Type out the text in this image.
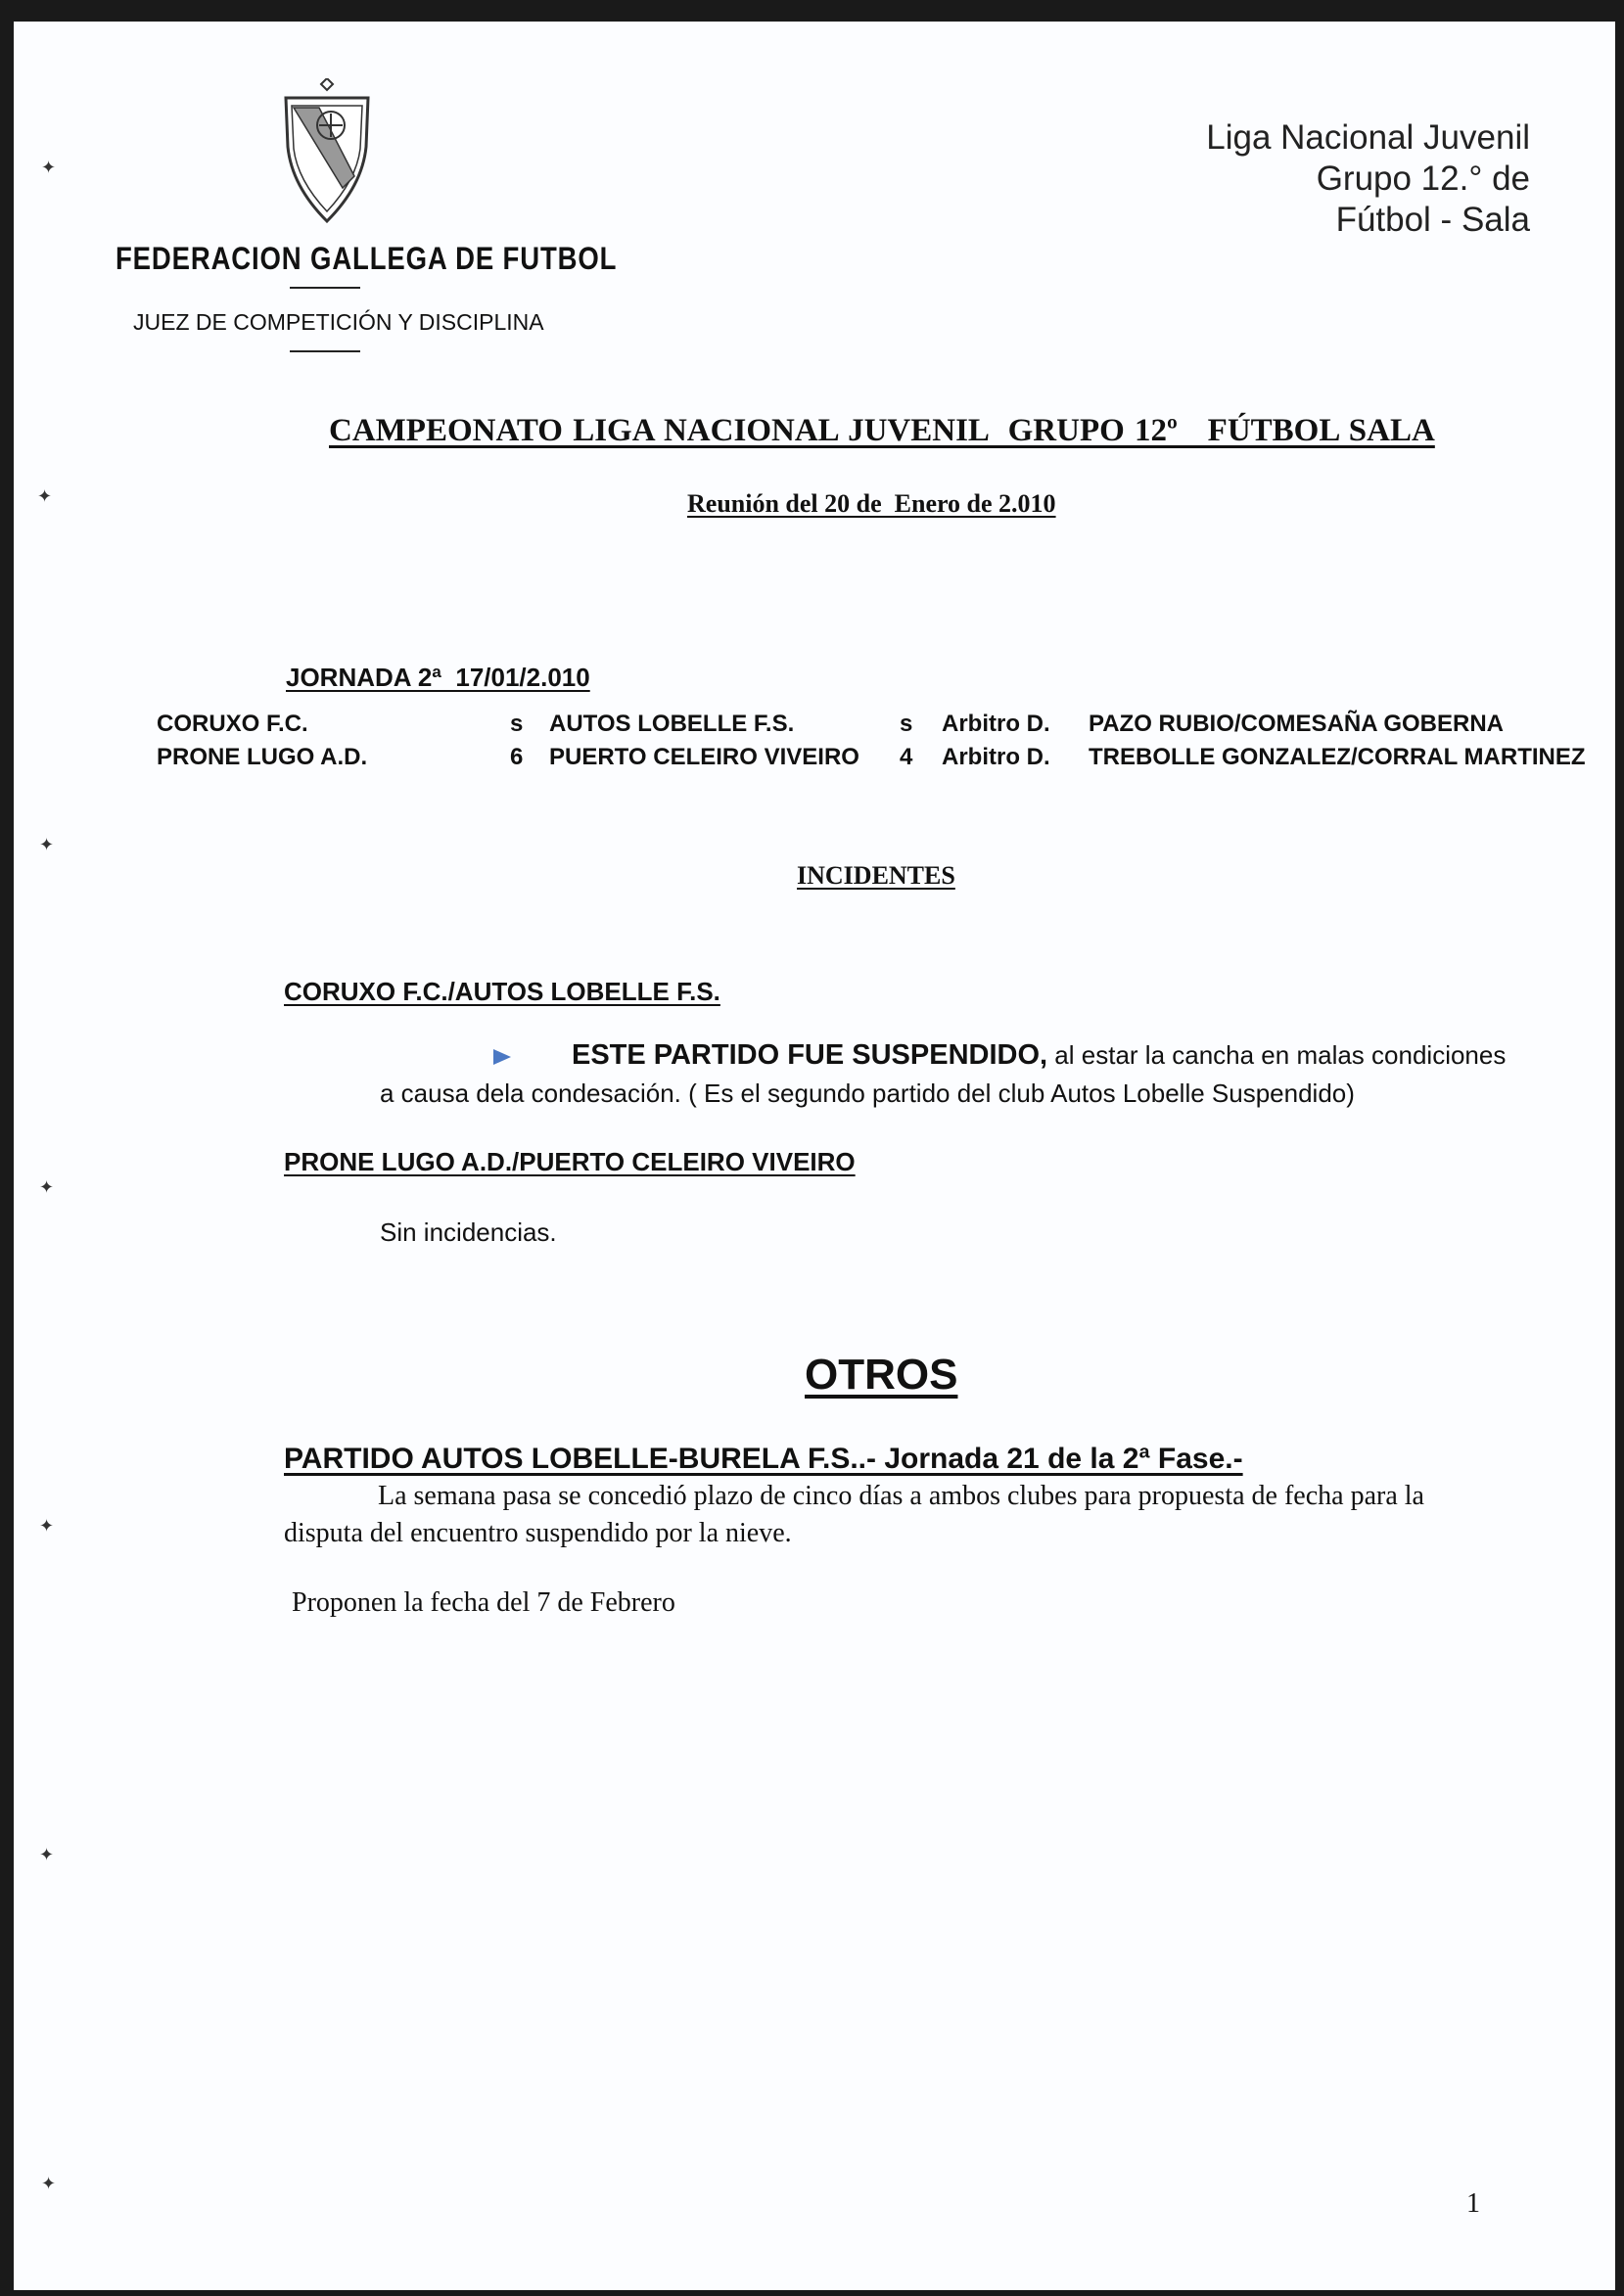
✦
✦
✦
✦
✦
✦
✦
FEDERACION GALLEGA DE FUTBOL
JUEZ DE COMPETICIÓN Y DISCIPLINA
Liga Nacional Juvenil
Grupo 12.° de
Fútbol - Sala
CAMPEONATO LIGA NACIONAL JUVENIL  GRUPO 12º   FÚTBOL SALA
Reunión del 20 de  Enero de 2.010
JORNADA 2ª  17/01/2.010
CORUXO F.C.	s AUTOS LOBELLE F.S.	s Arbitro D. PAZO RUBIO/COMESAÑA GOBERNA
PRONE LUGO A.D.	6 PUERTO CELEIRO VIVEIRO 4 Arbitro D. TREBOLLE GONZALEZ/CORRAL MARTINEZ
INCIDENTES
CORUXO F.C./AUTOS LOBELLE F.S.
ESTE PARTIDO FUE SUSPENDIDO, al estar la cancha en malas condiciones
a causa dela condesación. ( Es el segundo partido del club Autos Lobelle Suspendido)
PRONE LUGO A.D./PUERTO CELEIRO VIVEIRO
Sin incidencias.
OTROS
PARTIDO AUTOS LOBELLE-BURELA F.S..- Jornada 21 de la 2ª Fase.-
La semana pasa se concedió plazo de cinco días a ambos clubes para propuesta de fecha para la disputa del encuentro suspendido por la nieve.
Proponen la fecha del 7 de Febrero
1
